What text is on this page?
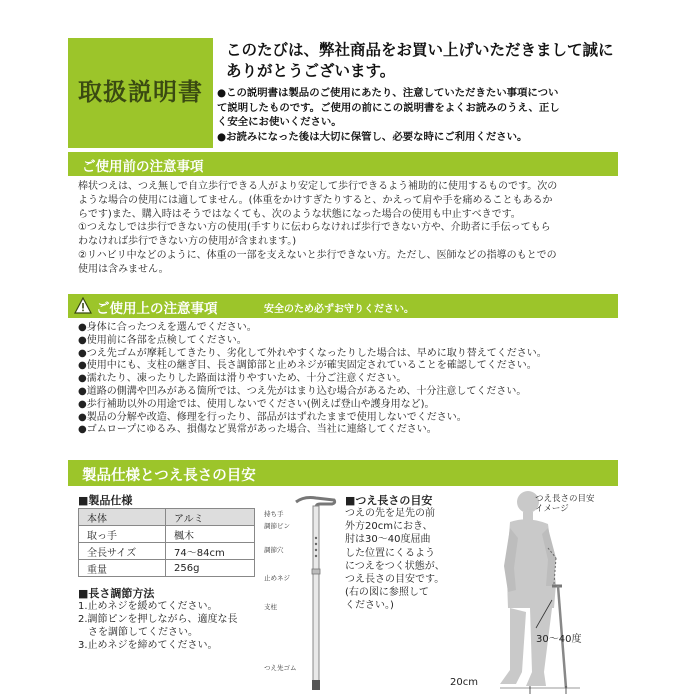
取扱説明書
このたびは、弊社商品をお買い上げいただきまして誠に
ありがとうございます。
●この説明書は製品のご使用にあたり、注意していただきたい事項につい
て説明したものです。ご使用の前にこの説明書をよくお読みのうえ、正し
く安全にお使いください。
●お読みになった後は大切に保管し、必要な時にご利用ください。
ご使用前の注意事項
棒状つえは、つえ無しで自立歩行できる人がより安定して歩行できるよう補助的に使用するものです。次の
ような場合の使用には適してません。(体重をかけすぎたりすると、かえって肩や手を痛めることもあるか
らです)また、購入時はそうではなくても、次のような状態になった場合の使用も中止すべきです。
①つえなしでは歩行できない方の使用(手すりに伝わらなければ歩行できない方や、介助者に手伝ってもら
わなければ歩行できない方の使用が含まれます。)
②リハビリ中などのように、体重の一部を支えないと歩行できない方。ただし、医師などの指導のもとでの
使用は含みません。
ご使用上の注意事項	安全のため必ずお守りください。
●身体に合ったつえを選んでください。
●使用前に各部を点検してください。
●つえ先ゴムが摩耗してきたり、劣化して外れやすくなったりした場合は、早めに取り替えてください。
●使用中にも、支柱の継ぎ目、長さ調節部と止めネジが確実固定されていることを確認してください。
●濡れたり、凍ったりした路面は滑りやすいため、十分ご注意ください。
●道路の側溝や凹みがある箇所では、つえ先がはまり込む場合があるため、十分注意してください。
●歩行補助以外の用途では、使用しないでください(例えば登山や護身用など)。
●製品の分解や改造、修理を行ったり、部品がはずれたままで使用しないでください。
●ゴムロープにゆるみ、損傷など異常があった場合、当社に連絡してください。
製品仕様とつえ長さの目安
■製品仕様
本体	アルミ
取っ手	楓木
全長サイズ	74～84cm
重量	256g
■長さ調節方法
1.止めネジを緩めてください。
2.調節ピンを押しながら、適度な長
　さを調節してください。
3.止めネジを締めてください。
持ち手
調節ピン
調節穴
止めネジ
支柱
つえ先ゴム
■つえ長さの目安
つえの先を足先の前
外方20cmにおき、
肘は30～40度屈曲
した位置にくるよう
につえをつく状態が、
つえ長さの目安です。
(右の図に参照して
ください。)
つえ長さの目安
イメージ
30～40度
20cm
